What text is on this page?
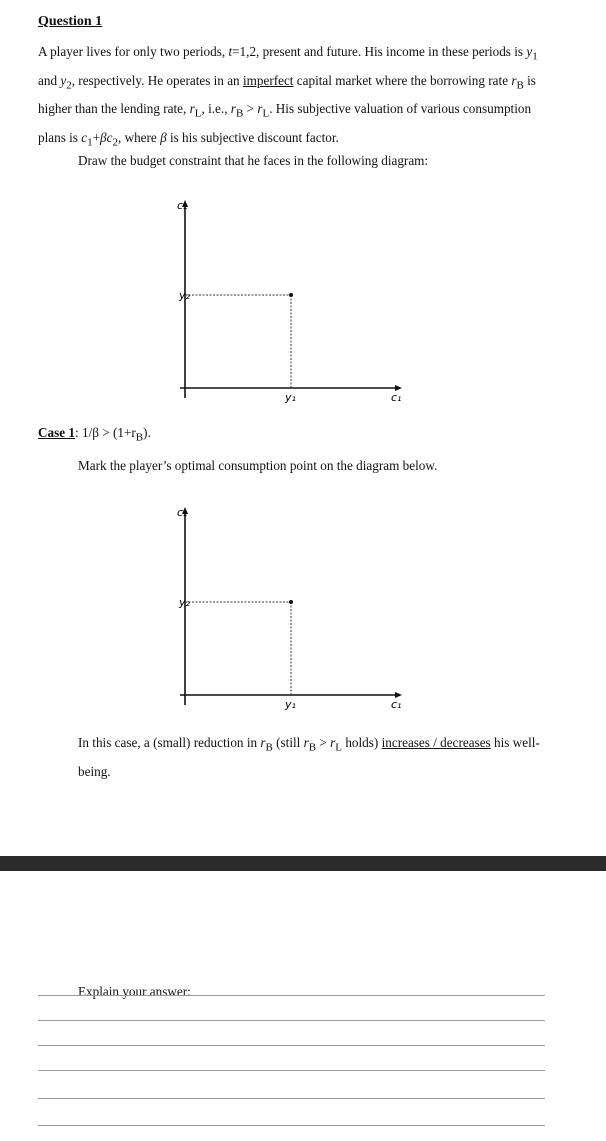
Question 1
A player lives for only two periods, t=1,2, present and future. His income in these periods is $y_1$ and $y_2$, respectively. He operates in an imperfect capital market where the borrowing rate $r_B$ is higher than the lending rate, $r_L$, i.e., $r_B > r_L$. His subjective valuation of various consumption plans is $c_1+\beta c_2$, where β is his subjective discount factor.
Draw the budget constraint that he faces in the following diagram:
c₂
y₂
y₁	c₁
Case 1: $1/\beta > (1+r_B)$.
Mark the player’s optimal consumption point on the diagram below.
c₂
y₂
y₁	c₁
In this case, a (small) reduction in $r_B$ (still $r_B > r_L$ holds) increases / decreases his well-being.
Explain your answer:
